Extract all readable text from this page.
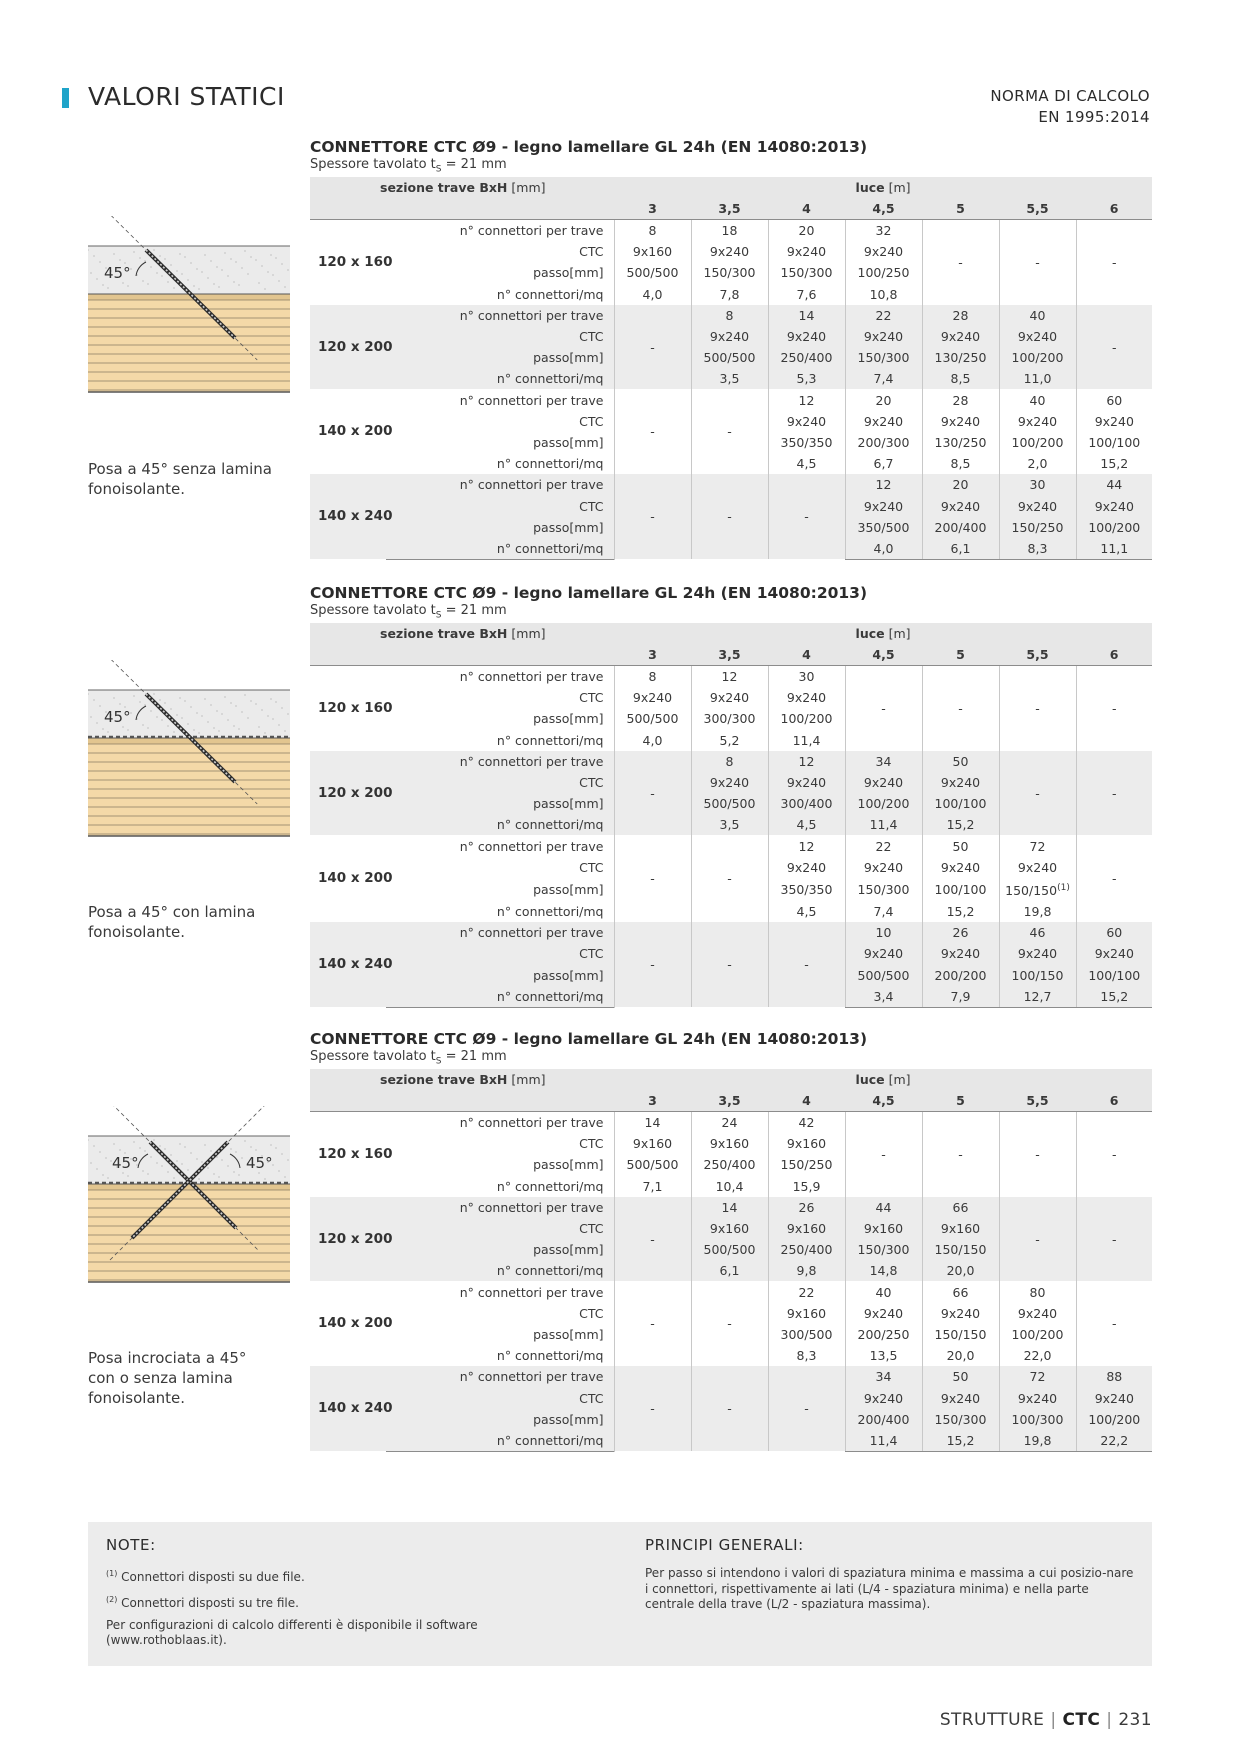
VALORI STATICI	NORMA DI CALCOLO
EN 1995:2014
45°
Posa a 45° senza lamina
fonoisolante.
CONNETTORE CTC Ø9 - legno lamellare GL 24h (EN 14080:2013)
Spessore tavolato $t_S = 21$ mm
sezione trave BxH [mm]		luce [m]						
		3	3,5	4	4,5	5	5,5	6
120 x 160	n° connettori per trave	8	18	20	32	-	-	-
	CTC	9x160	9x240	9x240	9x240			
	passo[mm]	500/500	150/300	150/300	100/250			
	n° connettori/mq	4,0	7,8	7,6	10,8			
120 x 200	n° connettori per trave	-	8	14	22	28	40	-
	CTC		9x240	9x240	9x240	9x240	9x240	
	passo[mm]		500/500	250/400	150/300	130/250	100/200	
	n° connettori/mq		3,5	5,3	7,4	8,5	11,0	
140 x 200	n° connettori per trave	-	-	12	20	28	40	60
	CTC			9x240	9x240	9x240	9x240	9x240
	passo[mm]			350/350	200/300	130/250	100/200	100/100
	n° connettori/mq			4,5	6,7	8,5	2,0	15,2
140 x 240	n° connettori per trave	-	-	-	12	20	30	44
	CTC				9x240	9x240	9x240	9x240
	passo[mm]				350/500	200/400	150/250	100/200
	n° connettori/mq				4,0	6,1	8,3	11,1
45°
Posa a 45° con lamina
fonoisolante.
CONNETTORE CTC Ø9 - legno lamellare GL 24h (EN 14080:2013)
Spessore tavolato $t_S = 21$ mm
sezione trave BxH [mm]		luce [m]						
		3	3,5	4	4,5	5	5,5	6
120 x 160	n° connettori per trave	8	12	30	-	-	-	-
	CTC	9x240	9x240	9x240				
	passo[mm]	500/500	300/300	100/200				
	n° connettori/mq	4,0	5,2	11,4				
120 x 200	n° connettori per trave	-	8	12	34	50	-	-
	CTC		9x240	9x240	9x240	9x240		
	passo[mm]		500/500	300/400	100/200	100/100		
	n° connettori/mq		3,5	4,5	11,4	15,2		
140 x 200	n° connettori per trave	-	-	12	22	50	72	-
	CTC			9x240	9x240	9x240	9x240	
	passo[mm]			350/350	150/300	100/100	150/150$^{(1)}$
	n° connettori/mq			4,5	7,4	15,2	19,8	
140 x 240	n° connettori per trave	-	-	-	10	26	46	60
	CTC				9x240	9x240	9x240	9x240
	passo[mm]				500/500	200/200	100/150	100/100
	n° connettori/mq				3,4	7,9	12,7	15,2
45°	45°
Posa incrociata a 45°
con o senza lamina
fonoisolante.
CONNETTORE CTC Ø9 - legno lamellare GL 24h (EN 14080:2013)
Spessore tavolato $t_S = 21$ mm
sezione trave BxH [mm]		luce [m]						
		3	3,5	4	4,5	5	5,5	6
120 x 160	n° connettori per trave	14	24	42	-	-	-	-
	CTC	9x160	9x160	9x160				
	passo[mm]	500/500	250/400	150/250				
	n° connettori/mq	7,1	10,4	15,9				
120 x 200	n° connettori per trave	-	14	26	44	66	-	-
	CTC		9x160	9x160	9x160	9x160		
	passo[mm]		500/500	250/400	150/300	150/150		
	n° connettori/mq		6,1	9,8	14,8	20,0		
140 x 200	n° connettori per trave	-	-	22	40	66	80	-
	CTC			9x160	9x240	9x240	9x240	
	passo[mm]			300/500	200/250	150/150	100/200	
	n° connettori/mq			8,3	13,5	20,0	22,0	
140 x 240	n° connettori per trave	-	-	-	34	50	72	88
	CTC				9x240	9x240	9x240	9x240
	passo[mm]				200/400	150/300	100/300	100/200
	n° connettori/mq				11,4	15,2	19,8	22,2
NOTE:
$^{(1)}$ Connettori disposti su due file.
$^{(2)}$ Connettori disposti su tre file.
Per configurazioni di calcolo differenti è disponibile il software (www.rothoblaas.it).
PRINCIPI GENERALI:
Per passo si intendono i valori di spaziatura minima e massima a cui posizio-nare i connettori, rispettivamente ai lati (L/4 - spaziatura minima) e nella parte centrale della trave (L/2 - spaziatura massima).
STRUTTURE | CTC | 231
